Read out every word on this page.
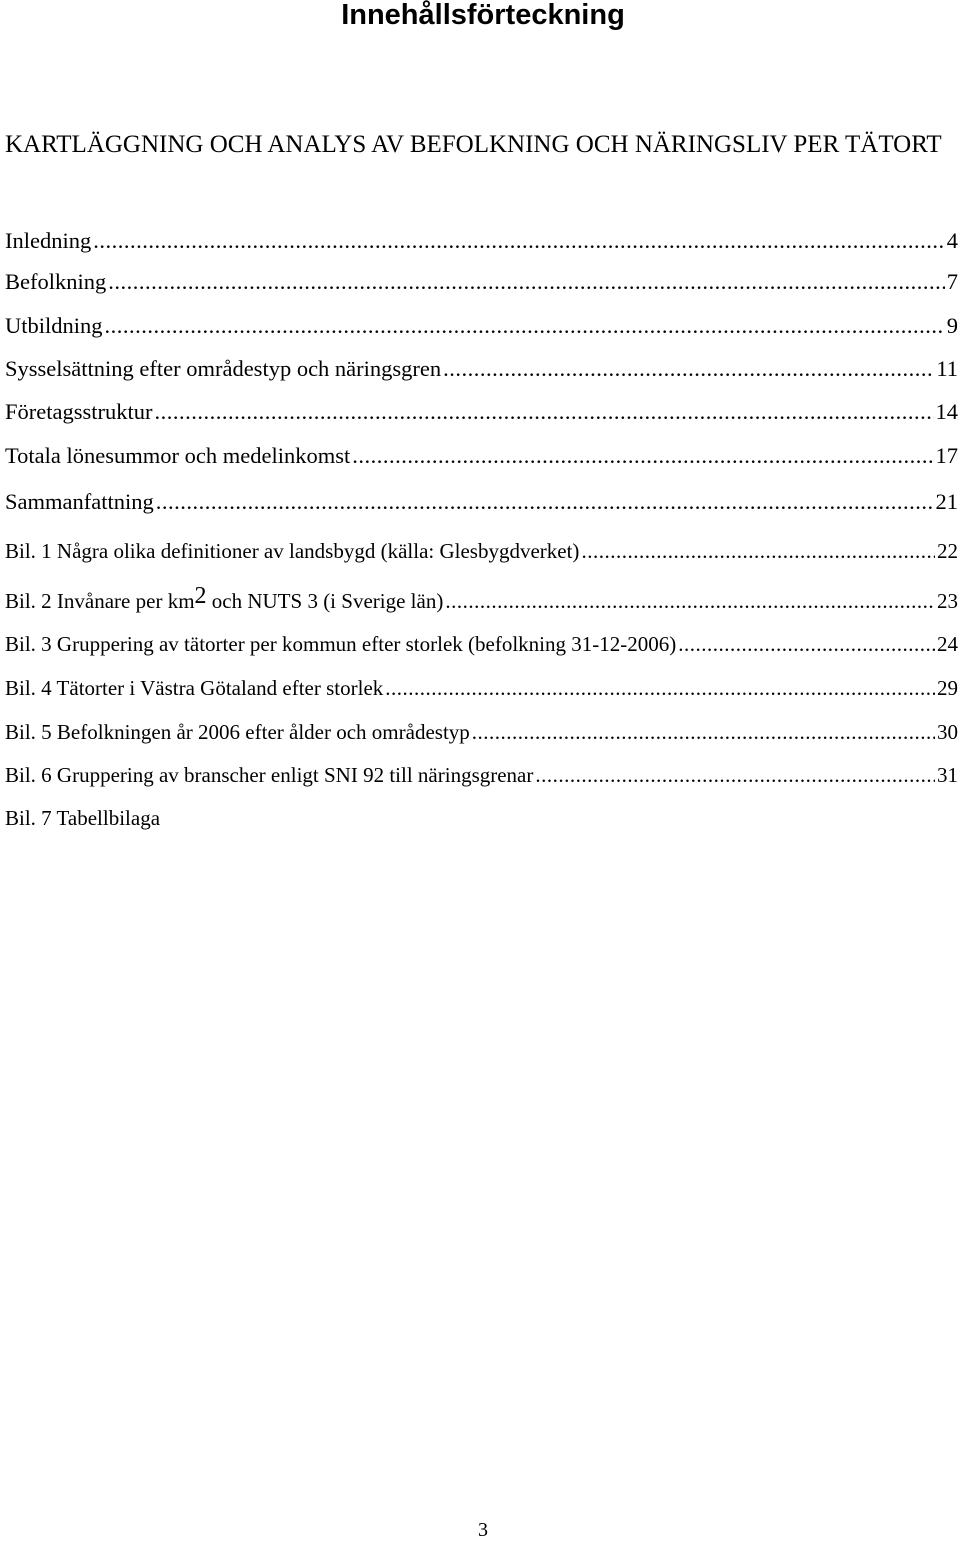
Innehållsförteckning
KARTLÄGGNING OCH ANALYS AV BEFOLKNING OCH NÄRINGSLIV PER TÄTORT
Inledning .....	4
Befolkning .....	7
Utbildning .....	9
Sysselsättning efter områdestyp och näringsgren .....	11
Företagsstruktur .....	14
Totala lönesummor och medelinkomst .....	17
Sammanfattning .....	21
Bil. 1 Några olika definitioner av landsbygd (källa: Glesbygdverket) .....	22
Bil. 2 Invånare per km2 och NUTS 3 (i Sverige län) .....	23
Bil. 3 Gruppering av tätorter per kommun efter storlek (befolkning 31-12-2006) .....	24
Bil. 4 Tätorter i Västra Götaland efter storlek .....	29
Bil. 5 Befolkningen år 2006 efter ålder och områdestyp .....	30
Bil. 6 Gruppering av branscher enligt SNI 92 till näringsgrenar .....	31
Bil. 7 Tabellbilaga
3
